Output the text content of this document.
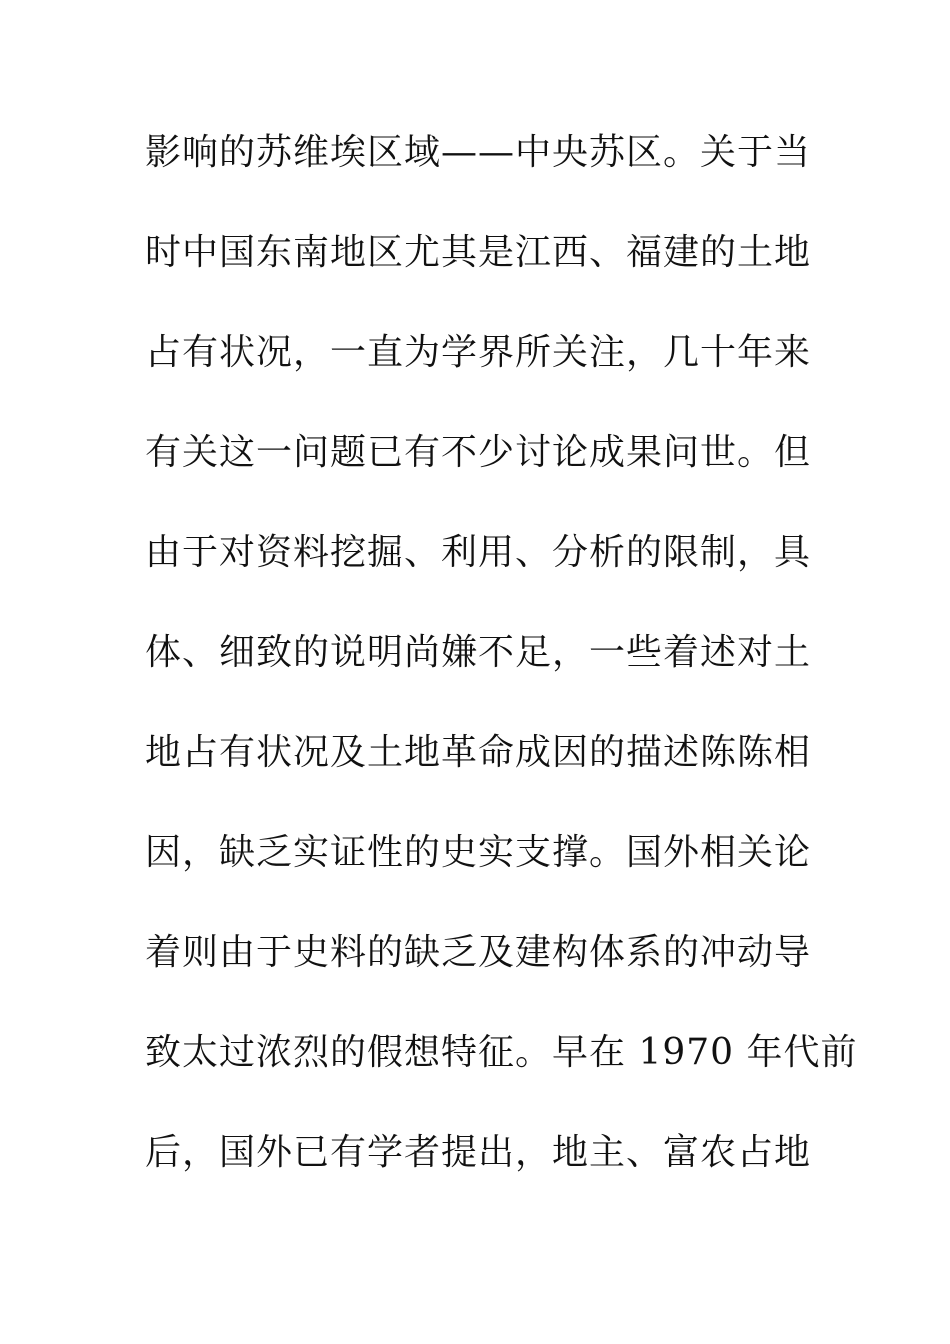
影响的苏维埃区域——中央苏区。关于当
时中国东南地区尤其是江西、福建的土地
占有状况，一直为学界所关注，几十年来
有关这一问题已有不少讨论成果问世。但
由于对资料挖掘、利用、分析的限制，具
体、细致的说明尚嫌不足，一些着述对土
地占有状况及土地革命成因的描述陈陈相
因，缺乏实证性的史实支撑。国外相关论
着则由于史料的缺乏及建构体系的冲动导
致太过浓烈的假想特征。早在 1970 年代前
后，国外已有学者提出，地主、富农占地
